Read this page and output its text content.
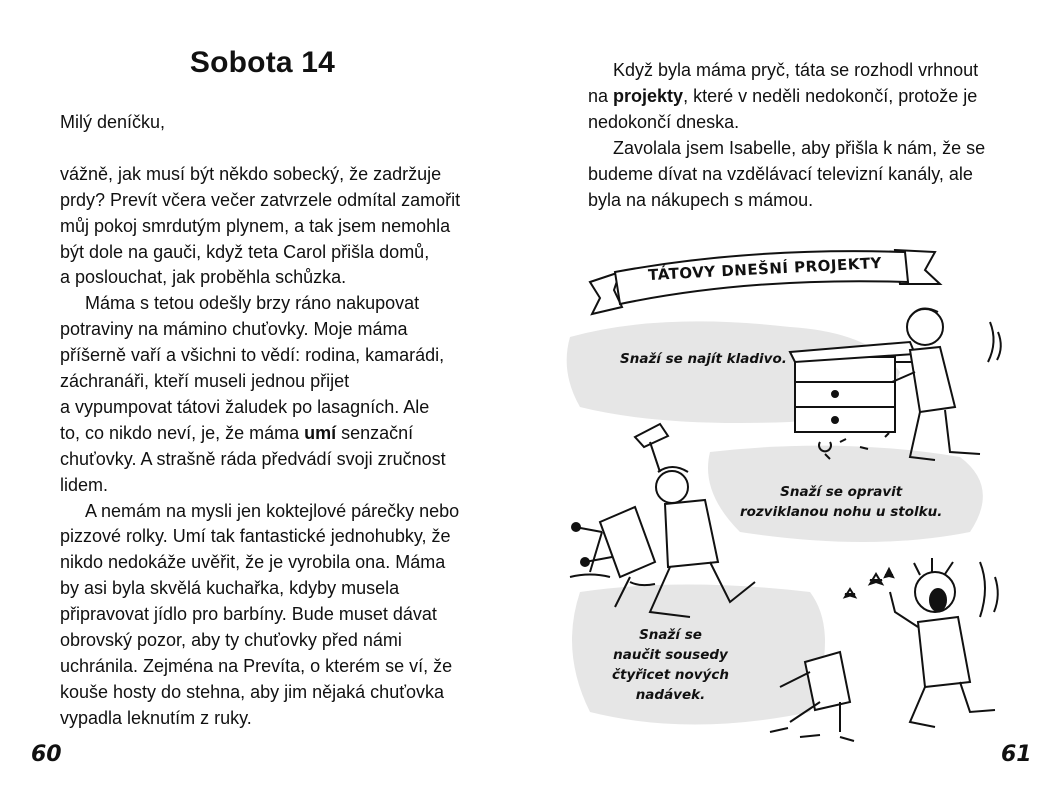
Sobota 14
Milý deníčku,
vážně, jak musí být někdo sobecký, že zadržuje
prdy? Prevít včera večer zatvrzele odmítal zamořit
můj pokoj smrdutým plynem, a tak jsem nemohla
být dole na gauči, když teta Carol přišla domů,
a poslouchat, jak proběhla schůzka.
Máma s tetou odešly brzy ráno nakupovat
potraviny na mámino chuťovky. Moje máma
příšerně vaří a všichni to vědí: rodina, kamarádi,
záchranáři, kteří museli jednou přijet
a vypumpovat tátovi žaludek po lasagních. Ale
to, co nikdo neví, je, že máma umí senzační
chuťovky. A strašně ráda předvádí svoji zručnost
lidem.
A nemám na mysli jen koktejlové párečky nebo
pizzové rolky. Umí tak fantastické jednohubky, že
nikdo nedokáže uvěřit, že je vyrobila ona. Máma
by asi byla skvělá kuchařka, kdyby musela
připravovat jídlo pro barbíny. Bude muset dávat
obrovský pozor, aby ty chuťovky před námi
uchránila. Zejména na Prevíta, o kterém se ví, že
kouše hosty do stehna, aby jim nějaká chuťovka
vypadla leknutím z ruky.
60
Když byla máma pryč, táta se rozhodl vrhnout
na projekty, které v neděli nedokončí, protože je
nedokončí dneska.
Zavolala jsem Isabelle, aby přišla k nám, že se
budeme dívat na vzdělávací televizní kanály, ale
byla na nákupech s mámou.
TÁTOVY DNEŠNÍ PROJEKTY
Snaží se najít kladivo.
Snaží se opravit
rozviklanou nohu u stolku.
Snaží se
naučit sousedy
čtyřicet nových
nadávek.
61
